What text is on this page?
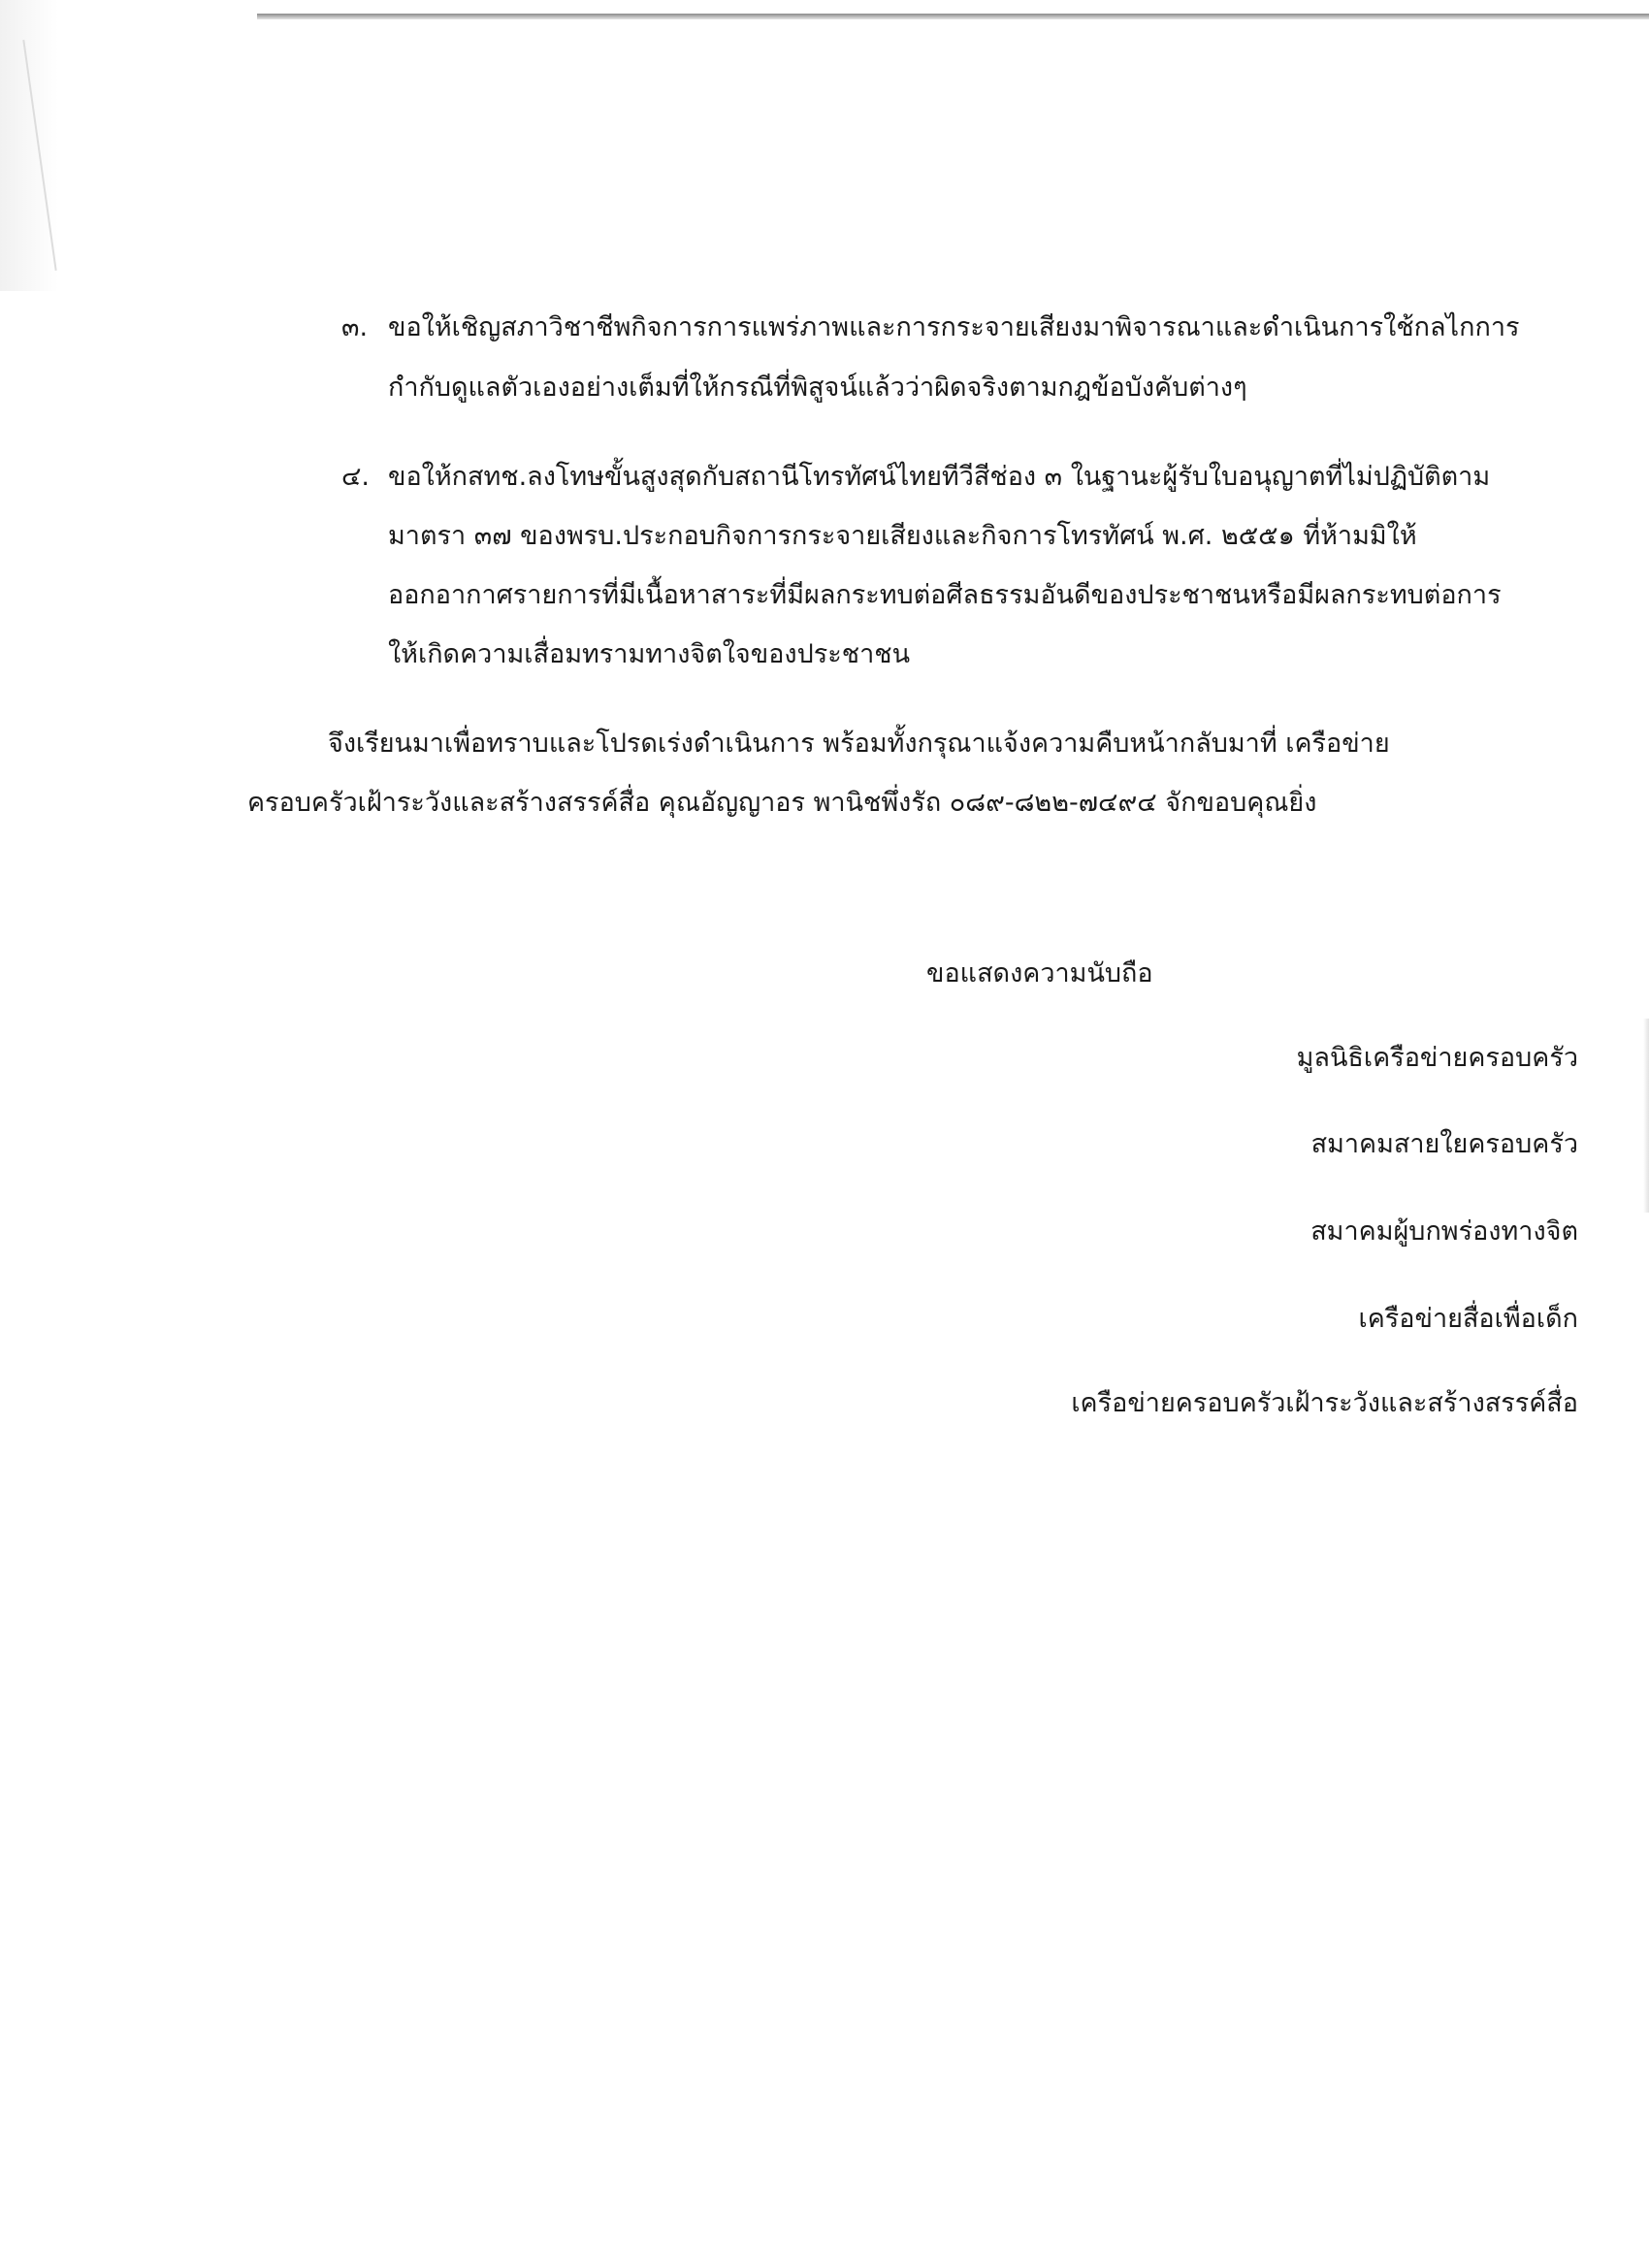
๓. ขอให้เชิญสภาวิชาชีพกิจการการแพร่ภาพและการกระจายเสียงมาพิจารณาและดำเนินการใช้กลไกการ
กำกับดูแลตัวเองอย่างเต็มที่ให้กรณีที่พิสูจน์แล้วว่าผิดจริงตามกฎข้อบังคับต่างๆ
๔. ขอให้กสทช.ลงโทษขั้นสูงสุดกับสถานีโทรทัศน์ไทยทีวีสีช่อง ๓ ในฐานะผู้รับใบอนุญาตที่ไม่ปฏิบัติตาม
มาตรา ๓๗ ของพรบ.ประกอบกิจการกระจายเสียงและกิจการโทรทัศน์ พ.ศ. ๒๕๕๑ ที่ห้ามมิให้
ออกอากาศรายการที่มีเนื้อหาสาระที่มีผลกระทบต่อศีลธรรมอันดีของประชาชนหรือมีผลกระทบต่อการ
ให้เกิดความเสื่อมทรามทางจิตใจของประชาชน
จึงเรียนมาเพื่อทราบและโปรดเร่งดำเนินการ พร้อมทั้งกรุณาแจ้งความคืบหน้ากลับมาที่ เครือข่าย
ครอบครัวเฝ้าระวังและสร้างสรรค์สื่อ คุณอัญญาอร พานิชพึ่งรัถ ๐๘๙-๘๒๒-๗๔๙๔ จักขอบคุณยิ่ง
ขอแสดงความนับถือ
มูลนิธิเครือข่ายครอบครัว
สมาคมสายใยครอบครัว
สมาคมผู้บกพร่องทางจิต
เครือข่ายสื่อเพื่อเด็ก
เครือข่ายครอบครัวเฝ้าระวังและสร้างสรรค์สื่อ
